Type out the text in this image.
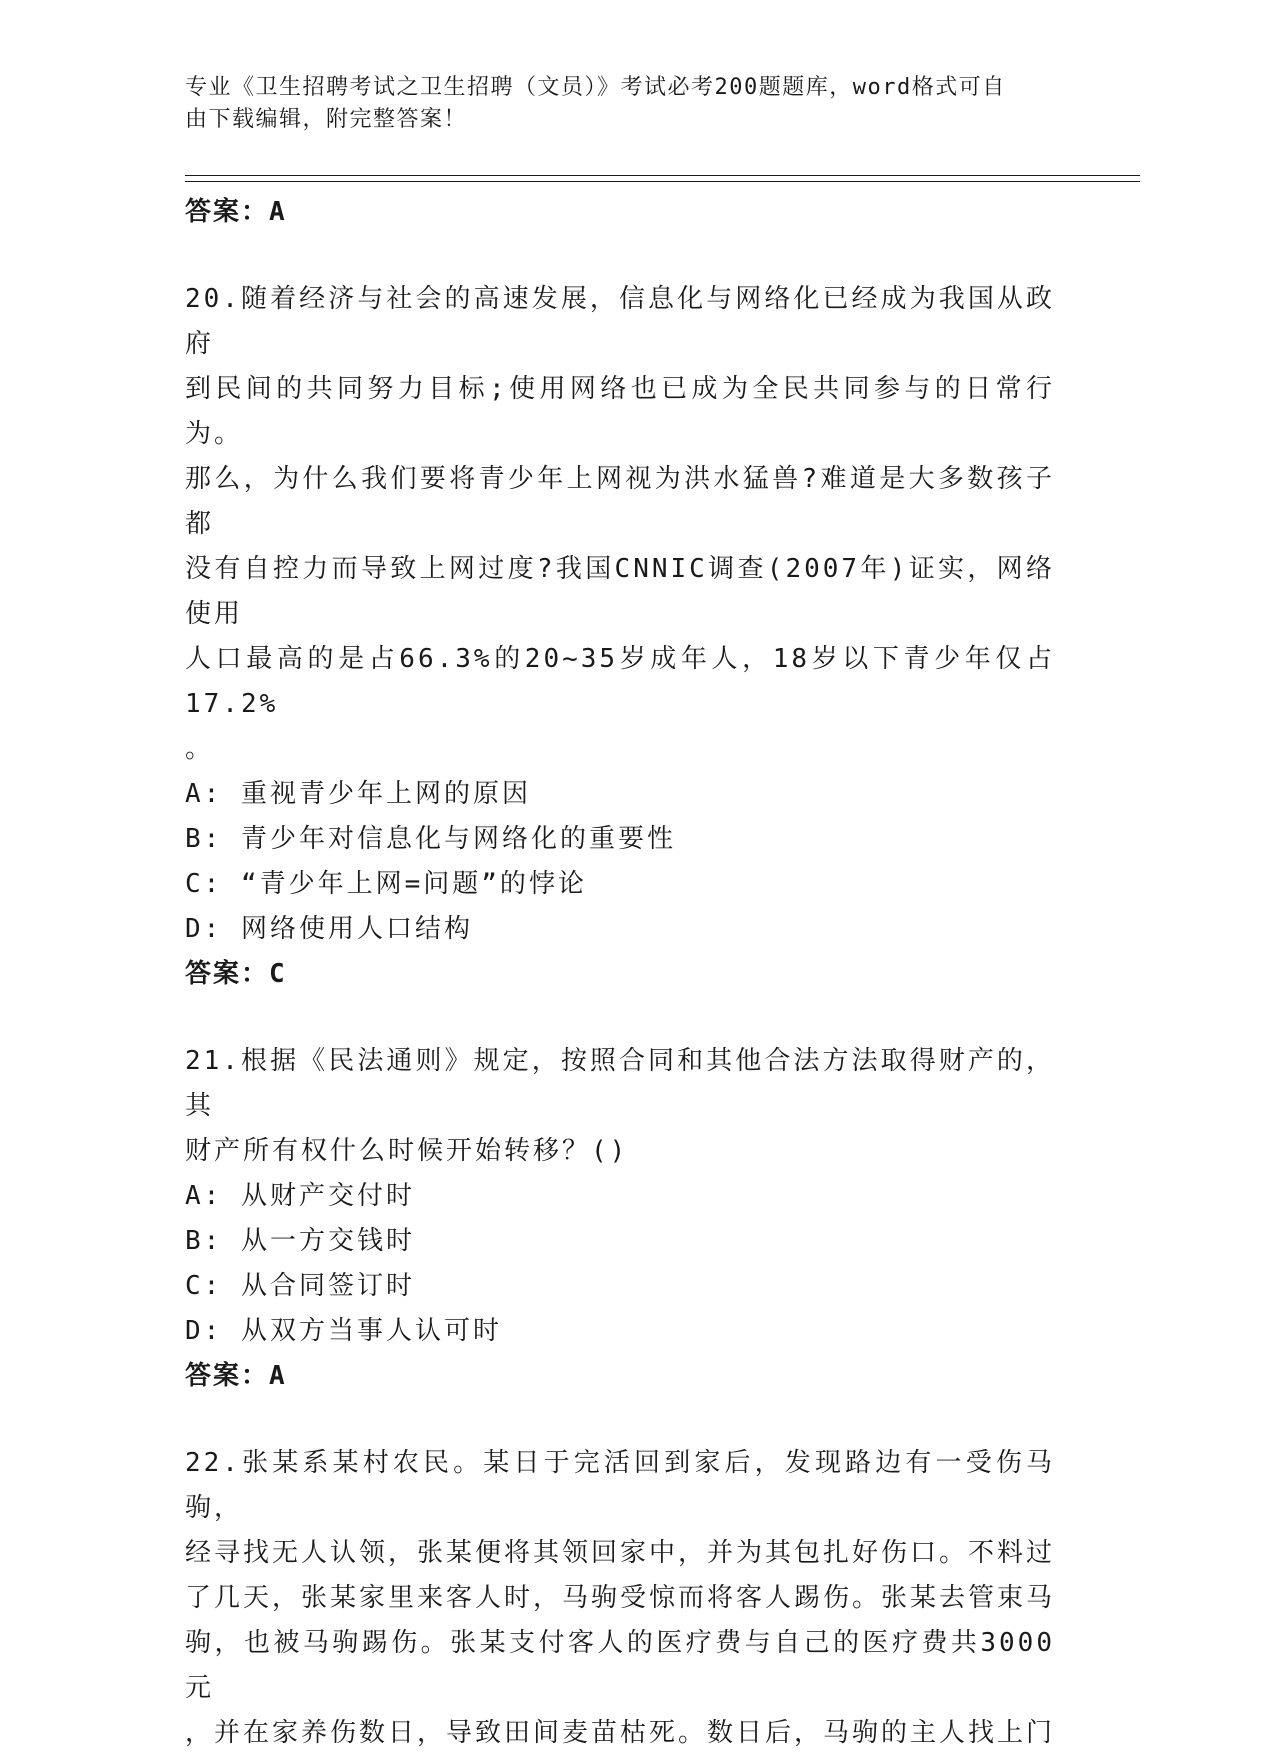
专业《卫生招聘考试之卫生招聘（文员）》考试必考200题题库，word格式可自
由下载编辑，附完整答案！
答案：A
20.随着经济与社会的高速发展，信息化与网络化已经成为我国从政府
到民间的共同努力目标;使用网络也已成为全民共同参与的日常行为。
那么，为什么我们要将青少年上网视为洪水猛兽?难道是大多数孩子都
没有自控力而导致上网过度?我国CNNIC调查(2007年)证实，网络使用
人口最高的是占66.3%的20~35岁成年人，18岁以下青少年仅占17.2%
。
A: 重视青少年上网的原因
B: 青少年对信息化与网络化的重要性
C: “青少年上网=问题”的悖论
D: 网络使用人口结构
答案：C
21.根据《民法通则》规定，按照合同和其他合法方法取得财产的，其
财产所有权什么时候开始转移？()
A: 从财产交付时
B: 从一方交钱时
C: 从合同签订时
D: 从双方当事人认可时
答案：A
22.张某系某村农民。某日于完活回到家后，发现路边有一受伤马驹，
经寻找无人认领，张某便将其领回家中，并为其包扎好伤口。不料过
了几天，张某家里来客人时，马驹受惊而将客人踢伤。张某去管束马
驹，也被马驹踢伤。张某支付客人的医疗费与自己的医疗费共3000元
，并在家养伤数日，导致田间麦苗枯死。数日后，马驹的主人找上门
